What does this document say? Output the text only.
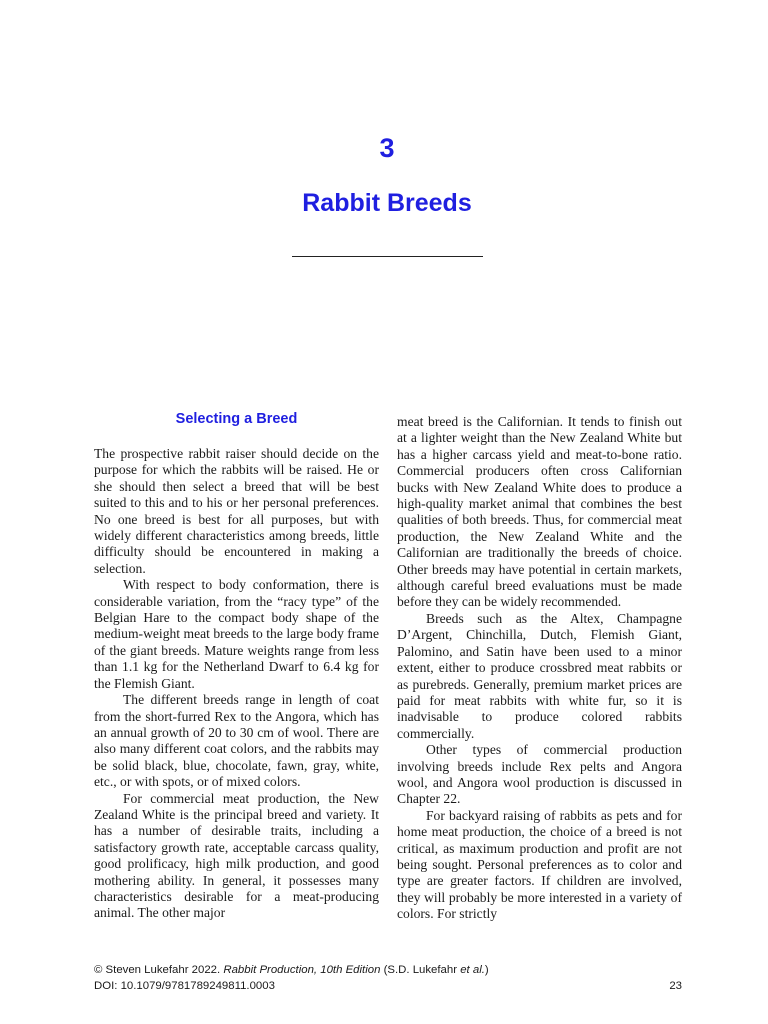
3
Rabbit Breeds
Selecting a Breed

The prospective rabbit raiser should decide on the purpose for which the rabbits will be raised. He or she should then select a breed that will be best suited to this and to his or her personal preferences. No one breed is best for all purposes, but with widely different characteristics among breeds, little difficulty should be encountered in making a selection.

With respect to body conformation, there is considerable variation, from the “racy type” of the Belgian Hare to the compact body shape of the medium-weight meat breeds to the large body frame of the giant breeds. Mature weights range from less than 1.1 kg for the Netherland Dwarf to 6.4 kg for the Flemish Giant.

The different breeds range in length of coat from the short-furred Rex to the Angora, which has an annual growth of 20 to 30 cm of wool. There are also many different coat colors, and the rabbits may be solid black, blue, chocolate, fawn, gray, white, etc., or with spots, or of mixed colors.

For commercial meat production, the New Zealand White is the principal breed and variety. It has a number of desirable traits, including a satisfactory growth rate, acceptable carcass quality, good prolificacy, high milk production, and good mothering ability. In general, it possesses many characteristics desirable for a meat-producing animal. The other major

meat breed is the Californian. It tends to finish out at a lighter weight than the New Zealand White but has a higher carcass yield and meat-to-bone ratio. Commercial producers often cross Californian bucks with New Zealand White does to produce a high-quality market animal that combines the best qualities of both breeds. Thus, for commercial meat production, the New Zealand White and the Californian are traditionally the breeds of choice. Other breeds may have potential in certain markets, although careful breed evaluations must be made before they can be widely recommended.

Breeds such as the Altex, Champagne D’Argent, Chinchilla, Dutch, Flemish Giant, Palomino, and Satin have been used to a minor extent, either to produce crossbred meat rabbits or as purebreds. Generally, premium market prices are paid for meat rabbits with white fur, so it is inadvisable to produce colored rabbits commercially.

Other types of commercial production involving breeds include Rex pelts and Angora wool, and Angora wool production is discussed in Chapter 22.

For backyard raising of rabbits as pets and for home meat production, the choice of a breed is not critical, as maximum production and profit are not being sought. Personal preferences as to color and type are greater factors. If children are involved, they will probably be more interested in a variety of colors. For strictly

© Steven Lukefahr 2022. Rabbit Production, 10th Edition (S.D. Lukefahr et al.)
DOI: 10.1079/9781789249811.0003	23
